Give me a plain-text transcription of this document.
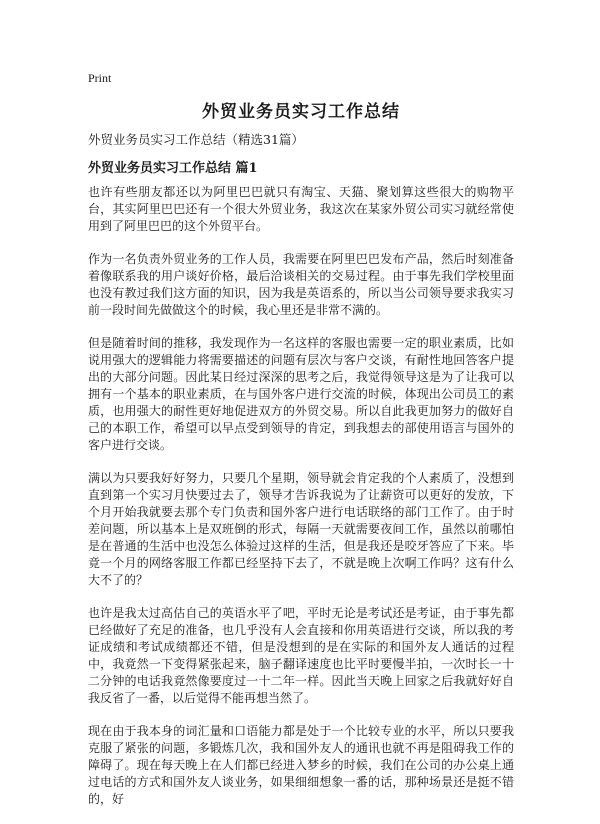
Print
外贸业务员实习工作总结

外贸业务员实习工作总结（精选31篇）

外贸业务员实习工作总结 篇1

也许有些朋友都还以为阿里巴巴就只有淘宝、天猫、聚划算这些很大的购物平台，其实阿里巴巴还有一个很大外贸业务，我这次在某家外贸公司实习就经常使用到了阿里巴巴的这个外贸平台。

作为一名负责外贸业务的工作人员，我需要在阿里巴巴发布产品，然后时刻准备着像联系我的用户谈好价格，最后洽谈相关的交易过程。由于事先我们学校里面也没有教过我们这方面的知识，因为我是英语系的，所以当公司领导要求我实习前一段时间先做做这个的时候，我心里还是非常不满的。

但是随着时间的推移，我发现作为一名这样的客服也需要一定的职业素质，比如说用强大的逻辑能力将需要描述的问题有层次与客户交谈，有耐性地回答客户提出的大部分问题。因此某日经过深深的思考之后，我觉得领导这是为了让我可以拥有一个基本的职业素质，在与国外客户进行交流的时候，体现出公司员工的素质，也用强大的耐性更好地促进双方的外贸交易。所以自此我更加努力的做好自己的本职工作，希望可以早点受到领导的肯定，到我想去的部使用语言与国外的客户进行交谈。

满以为只要我好好努力，只要几个星期，领导就会肯定我的个人素质了，没想到直到第一个实习月快要过去了，领导才告诉我说为了让薪资可以更好的发放，下个月开始我就要去那个专门负责和国外客户进行电话联络的部门工作了。由于时差问题，所以基本上是双班倒的形式，每隔一天就需要夜间工作，虽然以前哪怕是在普通的生活中也没怎么体验过这样的生活，但是我还是咬牙答应了下来。毕竟一个月的网络客服工作都已经坚持下去了，不就是晚上次啊工作吗？这有什么大不了的？

也许是我太过高估自己的英语水平了吧，平时无论是考试还是考证，由于事先都已经做好了充足的准备，也几乎没有人会直接和你用英语进行交谈，所以我的考证成绩和考试成绩都还不错，但是没想到的是在实际的和国外友人通话的过程中，我竟然一下变得紧张起来，脑子翻译速度也比平时要慢半拍，一次时长一十二分钟的电话我竟然像要度过一十二年一样。因此当天晚上回家之后我就好好自我反省了一番，以后觉得不能再想当然了。

现在由于我本身的词汇量和口语能力都是处于一个比较专业的水平，所以只要我克服了紧张的问题，多锻炼几次，我和国外友人的通讯也就不再是阻碍我工作的障碍了。现在每天晚上在人们都已经进入梦乡的时候，我们在公司的办公桌上通过电话的方式和国外友人谈业务，如果细细想象一番的话，那种场景还是挺不错的，好
